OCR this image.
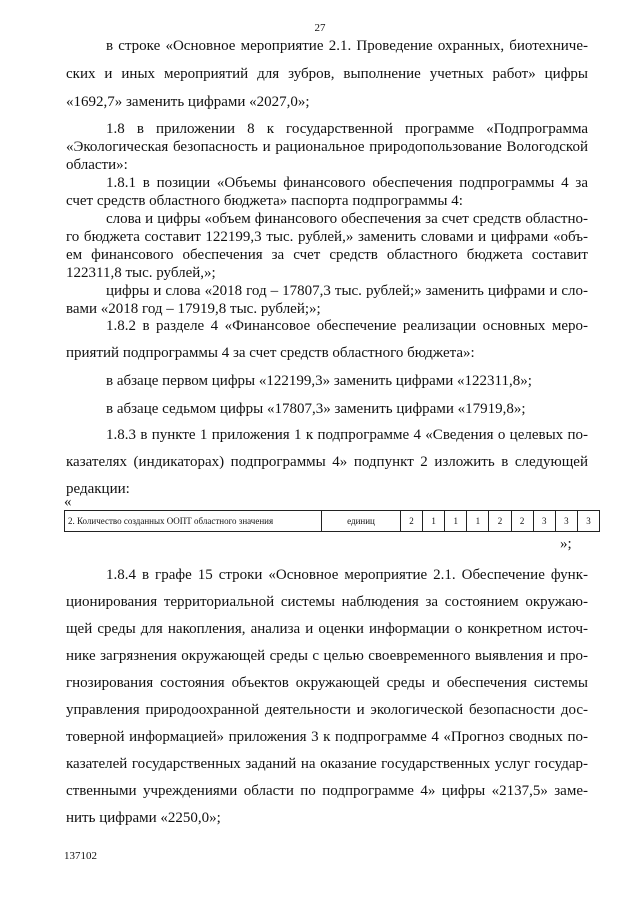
27
в строке «Основное мероприятие 2.1. Проведение охранных, биотехниче-
ских и иных мероприятий для зубров, выполнение учетных работ» цифры
«1692,7» заменить цифрами «2027,0»;
1.8 в приложении 8 к государственной программе «Подпрограмма
«Экологическая безопасность и рациональное природопользование Вологодской
области»:
1.8.1 в позиции «Объемы финансового обеспечения подпрограммы 4 за
счет средств областного бюджета» паспорта подпрограммы 4:
слова и цифры «объем финансового обеспечения за счет средств областно-
го бюджета составит 122199,3 тыс. рублей,» заменить словами и цифрами «объ-
ем финансового обеспечения за счет средств областного бюджета составит
122311,8 тыс. рублей,»;
цифры и слова «2018 год – 17807,3 тыс. рублей;» заменить цифрами и сло-
вами «2018 год – 17919,8 тыс. рублей;»;
1.8.2 в разделе 4 «Финансовое обеспечение реализации основных меро-
приятий подпрограммы 4 за счет средств областного бюджета»:
в абзаце первом цифры «122199,3» заменить цифрами «122311,8»;
в абзаце седьмом цифры «17807,3» заменить цифрами «17919,8»;
1.8.3 в пункте 1 приложения 1 к подпрограмме 4 «Сведения о целевых по-
казателях (индикаторах) подпрограммы 4» подпункт 2 изложить в следующей
редакции:
«
2. Количество созданных ООПТ областного значения	единиц	2	1	1	1	2	2	3	3	3
»;
1.8.4 в графе 15 строки «Основное мероприятие 2.1. Обеспечение функ-
ционирования территориальной системы наблюдения за состоянием окружаю-
щей среды для накопления, анализа и оценки информации о конкретном источ-
нике загрязнения окружающей среды с целью своевременного выявления и про-
гнозирования состояния объектов окружающей среды и обеспечения системы
управления природоохранной деятельности и экологической безопасности дос-
товерной информацией» приложения 3 к подпрограмме 4 «Прогноз сводных по-
казателей государственных заданий на оказание государственных услуг государ-
ственными учреждениями области по подпрограмме 4» цифры «2137,5» заме-
нить цифрами «2250,0»;
137102
